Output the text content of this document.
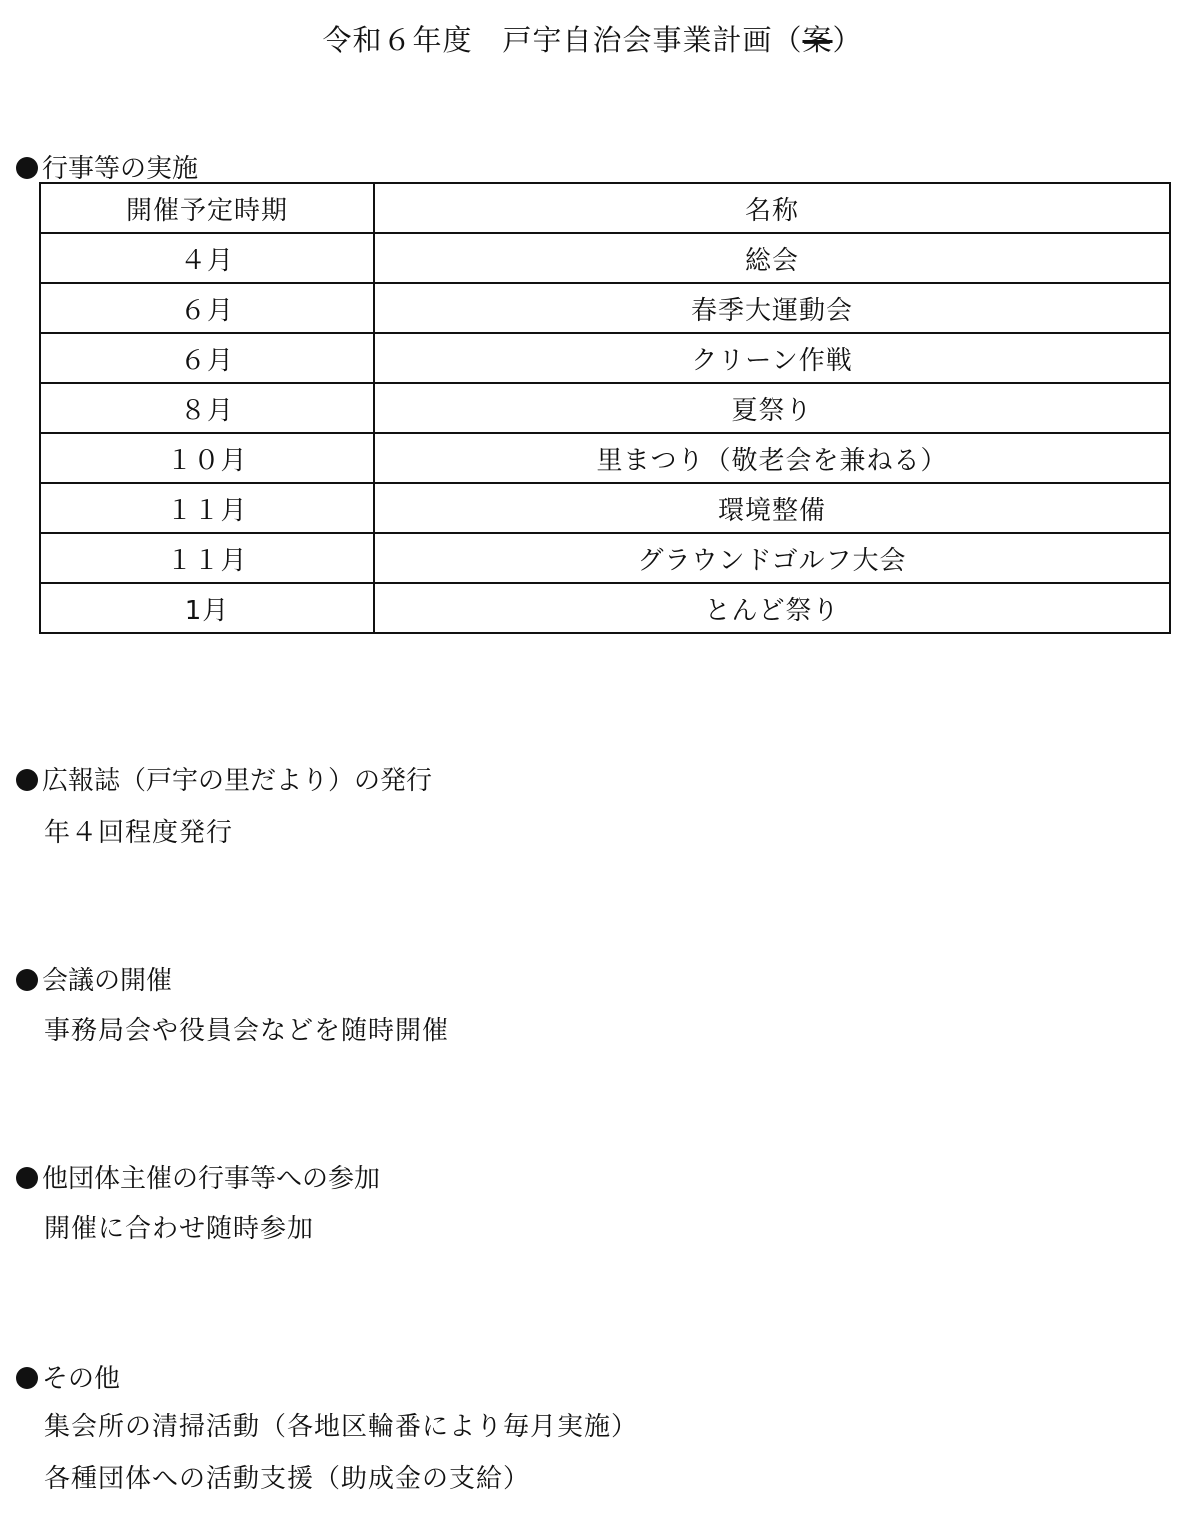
令和６年度　戸宇自治会事業計画（案）
行事等の実施
開催予定時期	名称
４月	総会
６月	春季大運動会
６月	クリーン作戦
８月	夏祭り
１０月	里まつり（敬老会を兼ねる）
１１月	環境整備
１１月	グラウンドゴルフ大会
1月	とんど祭り
広報誌（戸宇の里だより）の発行
年４回程度発行
会議の開催
事務局会や役員会などを随時開催
他団体主催の行事等への参加
開催に合わせ随時参加
その他
集会所の清掃活動（各地区輪番により毎月実施）
各種団体への活動支援（助成金の支給）
